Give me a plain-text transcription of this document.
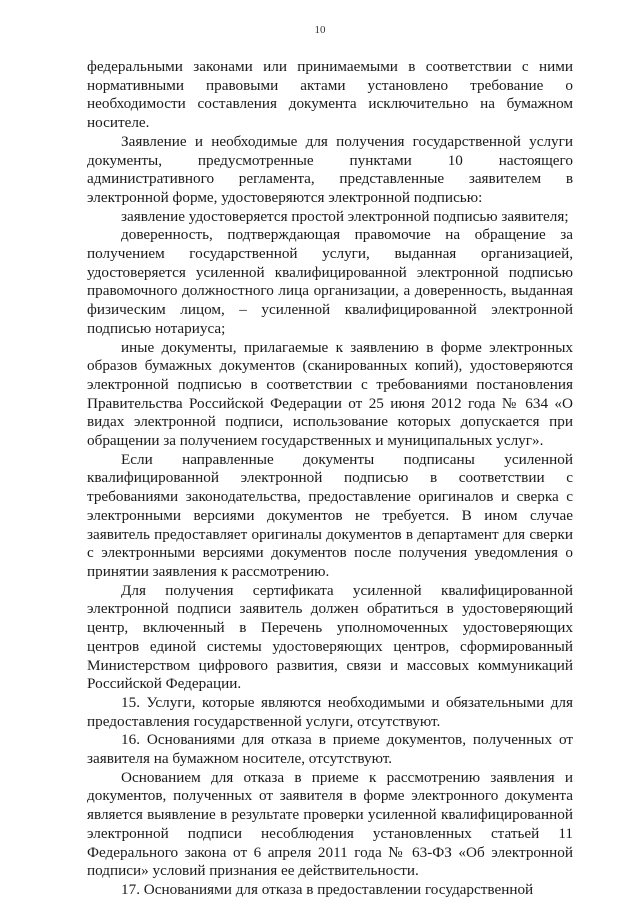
10

федеральными законами или принимаемыми в соответствии с ними нормативными правовыми актами установлено требование о необходимости составления документа исключительно на бумажном носителе.

Заявление и необходимые для получения государственной услуги документы, предусмотренные пунктами 10 настоящего административного регламента, представленные заявителем в электронной форме, удостоверяются электронной подписью:

заявление удостоверяется простой электронной подписью заявителя;

доверенность, подтверждающая правомочие на обращение за получением государственной услуги, выданная организацией, удостоверяется усиленной квалифицированной электронной подписью правомочного должностного лица организации, а доверенность, выданная физическим лицом, – усиленной квалифицированной электронной подписью нотариуса;

иные документы, прилагаемые к заявлению в форме электронных образов бумажных документов (сканированных копий), удостоверяются электронной подписью в соответствии с требованиями постановления Правительства Российской Федерации от 25 июня 2012 года № 634 «О видах электронной подписи, использование которых допускается при обращении за получением государственных и муниципальных услуг».

Если направленные документы подписаны усиленной квалифицированной электронной подписью в соответствии с требованиями законодательства, предоставление оригиналов и сверка с электронными версиями документов не требуется. В ином случае заявитель предоставляет оригиналы документов в департамент для сверки с электронными версиями документов после получения уведомления о принятии заявления к рассмотрению.

Для получения сертификата усиленной квалифицированной электронной подписи заявитель должен обратиться в удостоверяющий центр, включенный в Перечень уполномоченных удостоверяющих центров единой системы удостоверяющих центров, сформированный Министерством цифрового развития, связи и массовых коммуникаций Российской Федерации.

15. Услуги, которые являются необходимыми и обязательными для предоставления государственной услуги, отсутствуют.

16. Основаниями для отказа в приеме документов, полученных от заявителя на бумажном носителе, отсутствуют.

Основанием для отказа в приеме к рассмотрению заявления и документов, полученных от заявителя в форме электронного документа является выявление в результате проверки усиленной квалифицированной электронной подписи несоблюдения установленных статьей 11 Федерального закона от 6 апреля 2011 года № 63-ФЗ «Об электронной подписи» условий признания ее действительности.

17. Основаниями для отказа в предоставлении государственной
